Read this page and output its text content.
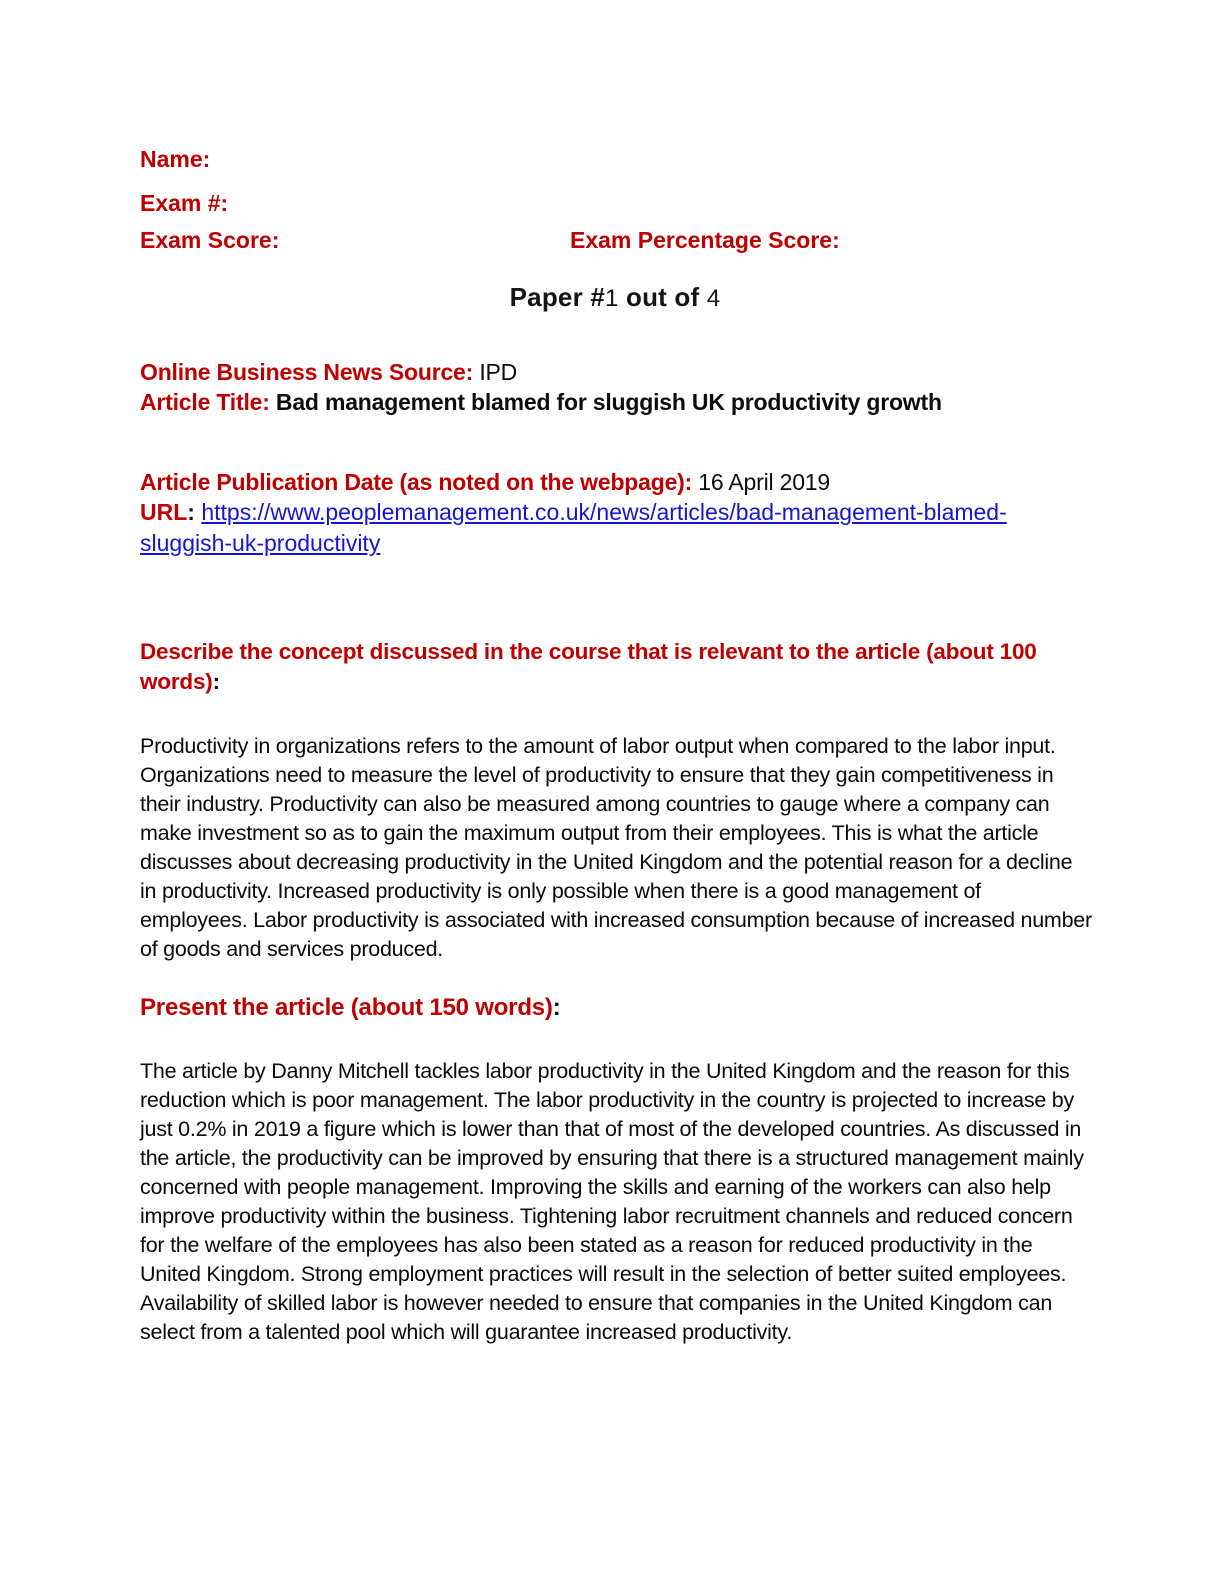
Name:
Exam #:
Exam Score:	Exam Percentage Score:
Paper #1 out of 4
Online Business News Source: IPD
Article Title: Bad management blamed for sluggish UK productivity growth
Article Publication Date (as noted on the webpage): 16 April 2019
URL: https://www.peoplemanagement.co.uk/news/articles/bad-management-blamed-sluggish-uk-productivity
Describe the concept discussed in the course that is relevant to the article (about 100 words):

Productivity in organizations refers to the amount of labor output when compared to the labor input. Organizations need to measure the level of productivity to ensure that they gain competitiveness in their industry. Productivity can also be measured among countries to gauge where a company can make investment so as to gain the maximum output from their employees. This is what the article discusses about decreasing productivity in the United Kingdom and the potential reason for a decline in productivity. Increased productivity is only possible when there is a good management of employees. Labor productivity is associated with increased consumption because of increased number of goods and services produced.

Present the article (about 150 words):

The article by Danny Mitchell tackles labor productivity in the United Kingdom and the reason for this reduction which is poor management. The labor productivity in the country is projected to increase by just 0.2% in 2019 a figure which is lower than that of most of the developed countries. As discussed in the article, the productivity can be improved by ensuring that there is a structured management mainly concerned with people management. Improving the skills and earning of the workers can also help improve productivity within the business. Tightening labor recruitment channels and reduced concern for the welfare of the employees has also been stated as a reason for reduced productivity in the United Kingdom. Strong employment practices will result in the selection of better suited employees. Availability of skilled labor is however needed to ensure that companies in the United Kingdom can select from a talented pool which will guarantee increased productivity.
